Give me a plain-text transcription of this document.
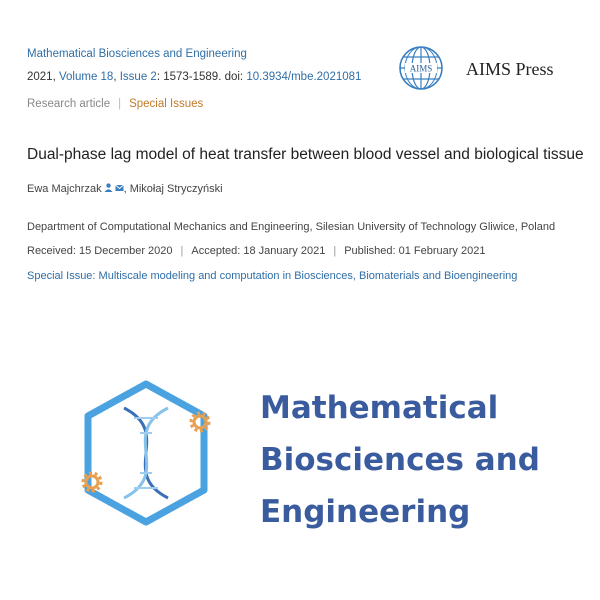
Mathematical Biosciences and Engineering
2021, Volume 18, Issue 2: 1573-1589. doi: 10.3934/mbe.2021081
Research article | Special Issues
AIMS AIMS Press
Dual-phase lag model of heat transfer between blood vessel and biological tissue
Ewa Majchrzak , Mikołaj Stryczyński
Department of Computational Mechanics and Engineering, Silesian University of Technology Gliwice, Poland
Received: 15 December 2020 | Accepted: 18 January 2021 | Published: 01 February 2021
Special Issue: Multiscale modeling and computation in Biosciences, Biomaterials and Bioengineering
Mathematical
Biosciences and
Engineering
